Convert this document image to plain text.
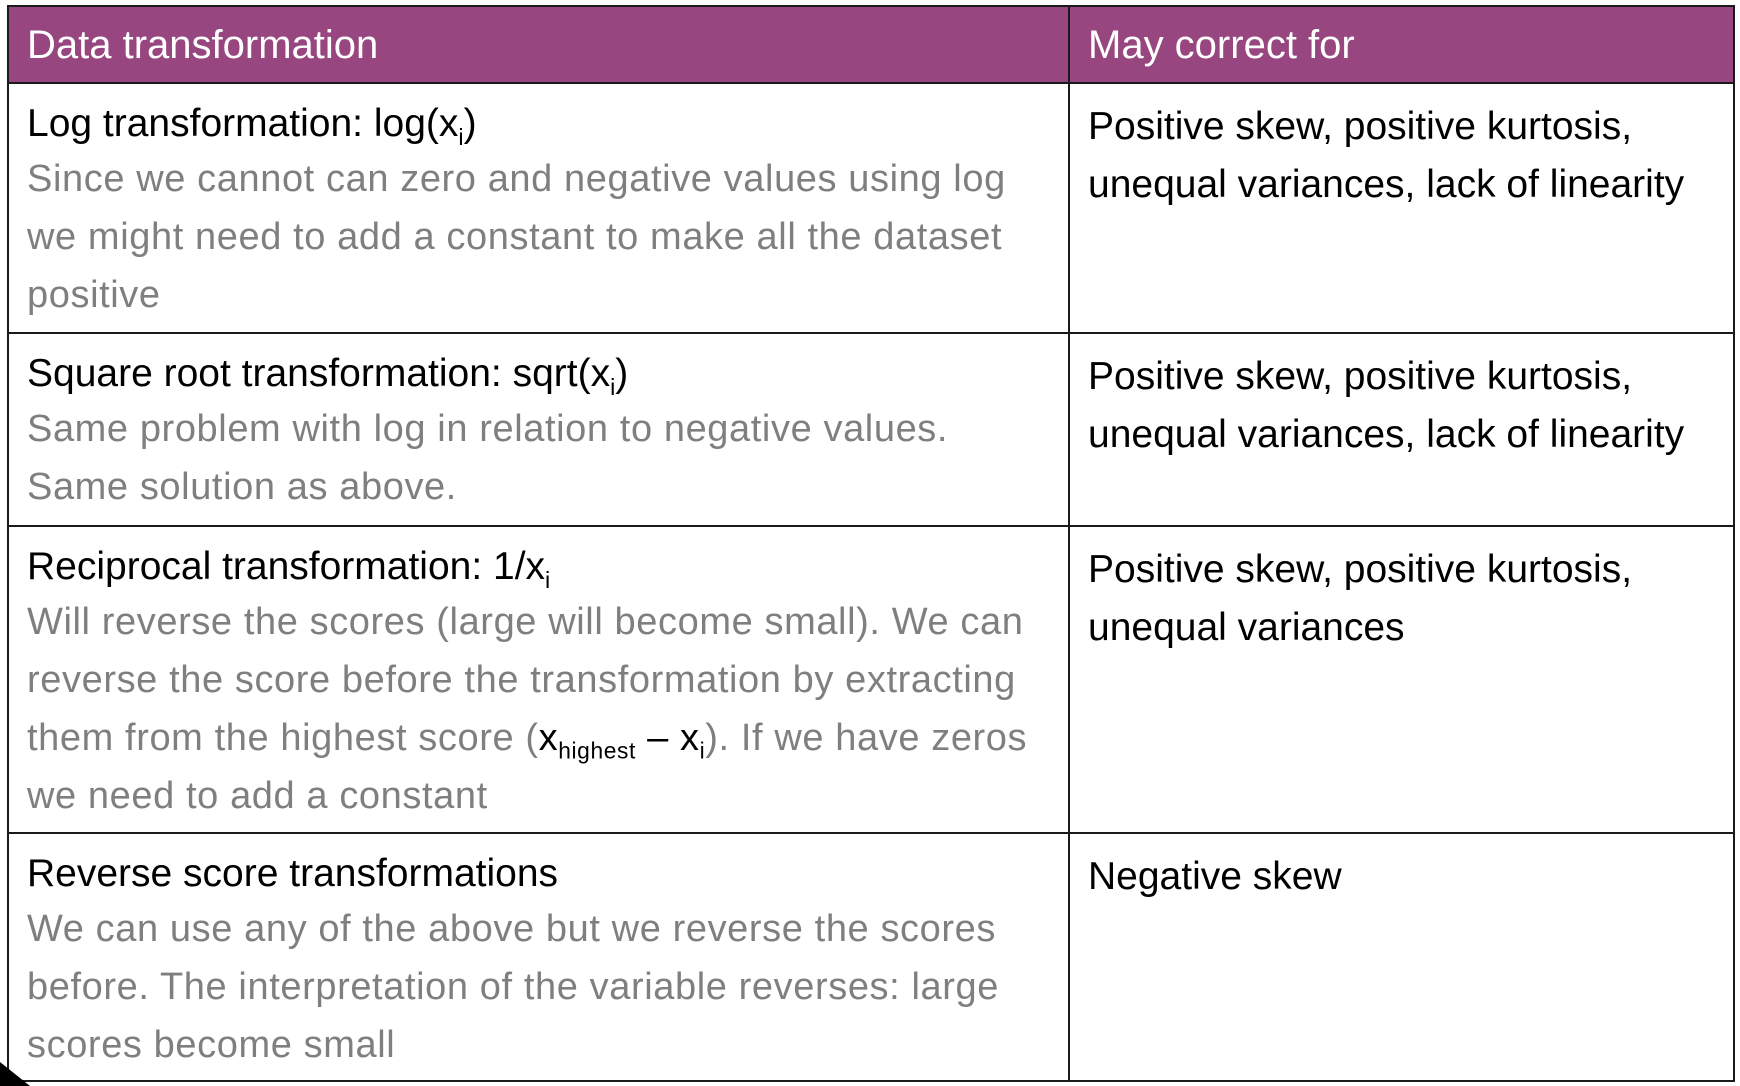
Data transformation	May correct for

Log transformation: $\log(x_i)$
Since we cannot can zero and negative values using log we might need to add a constant to make all the dataset positive	Positive skew, positive kurtosis, unequal variances, lack of linearity

Square root transformation: $sqrt(x_i)$
Same problem with log in relation to negative values. Same solution as above.	Positive skew, positive kurtosis, unequal variances, lack of linearity

Reciprocal transformation: $1/x_i$
Will reverse the scores (large will become small). We can reverse the score before the transformation by extracting them from the highest score $(x_{highest} - x_i)$. If we have zeros we need to add a constant	Positive skew, positive kurtosis, unequal variances

Reverse score transformations
We can use any of the above but we reverse the scores before. The interpretation of the variable reverses: large scores become small	Negative skew
